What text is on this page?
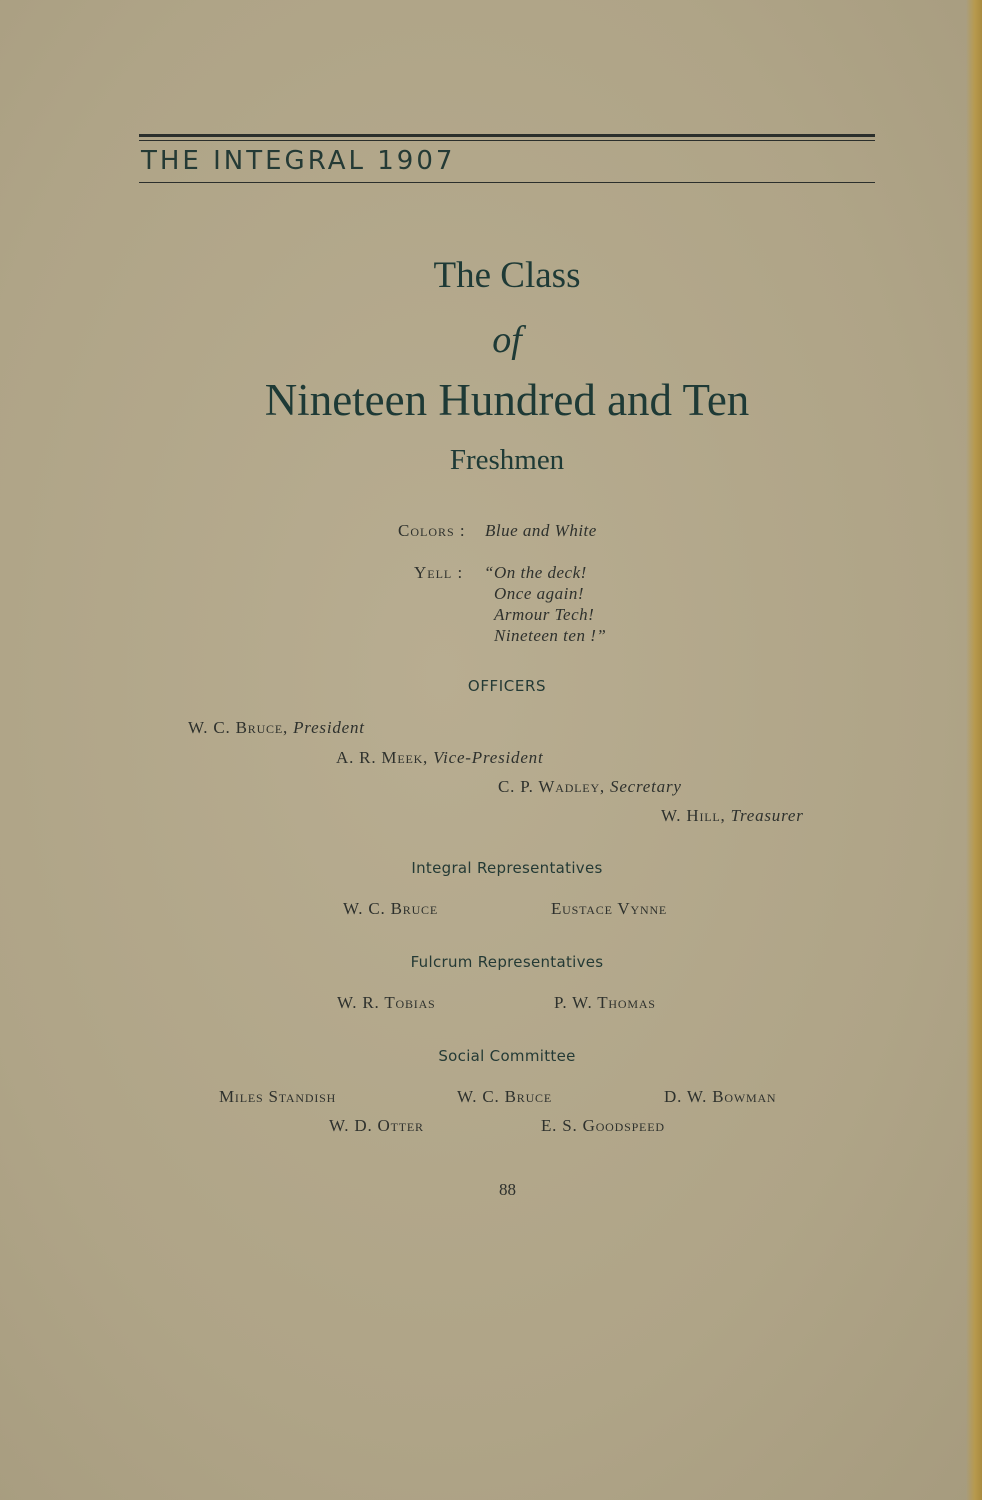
THE INTEGRAL 1907
The Class
of
Nineteen Hundred and Ten
Freshmen
Colors : Blue and White
Yell : “On the deck!
Once again!
Armour Tech!
Nineteen ten !”
OFFICERS
W. C. Bruce, President
A. R. Meek, Vice-President
C. P. Wadley, Secretary
W. Hill, Treasurer
Integral Representatives
W. C. Bruce	Eustace Vynne
Fulcrum Representatives
W. R. Tobias	P. W. Thomas
Social Committee
Miles Standish	W. C. Bruce	D. W. Bowman
W. D. Otter	E. S. Goodspeed
88
